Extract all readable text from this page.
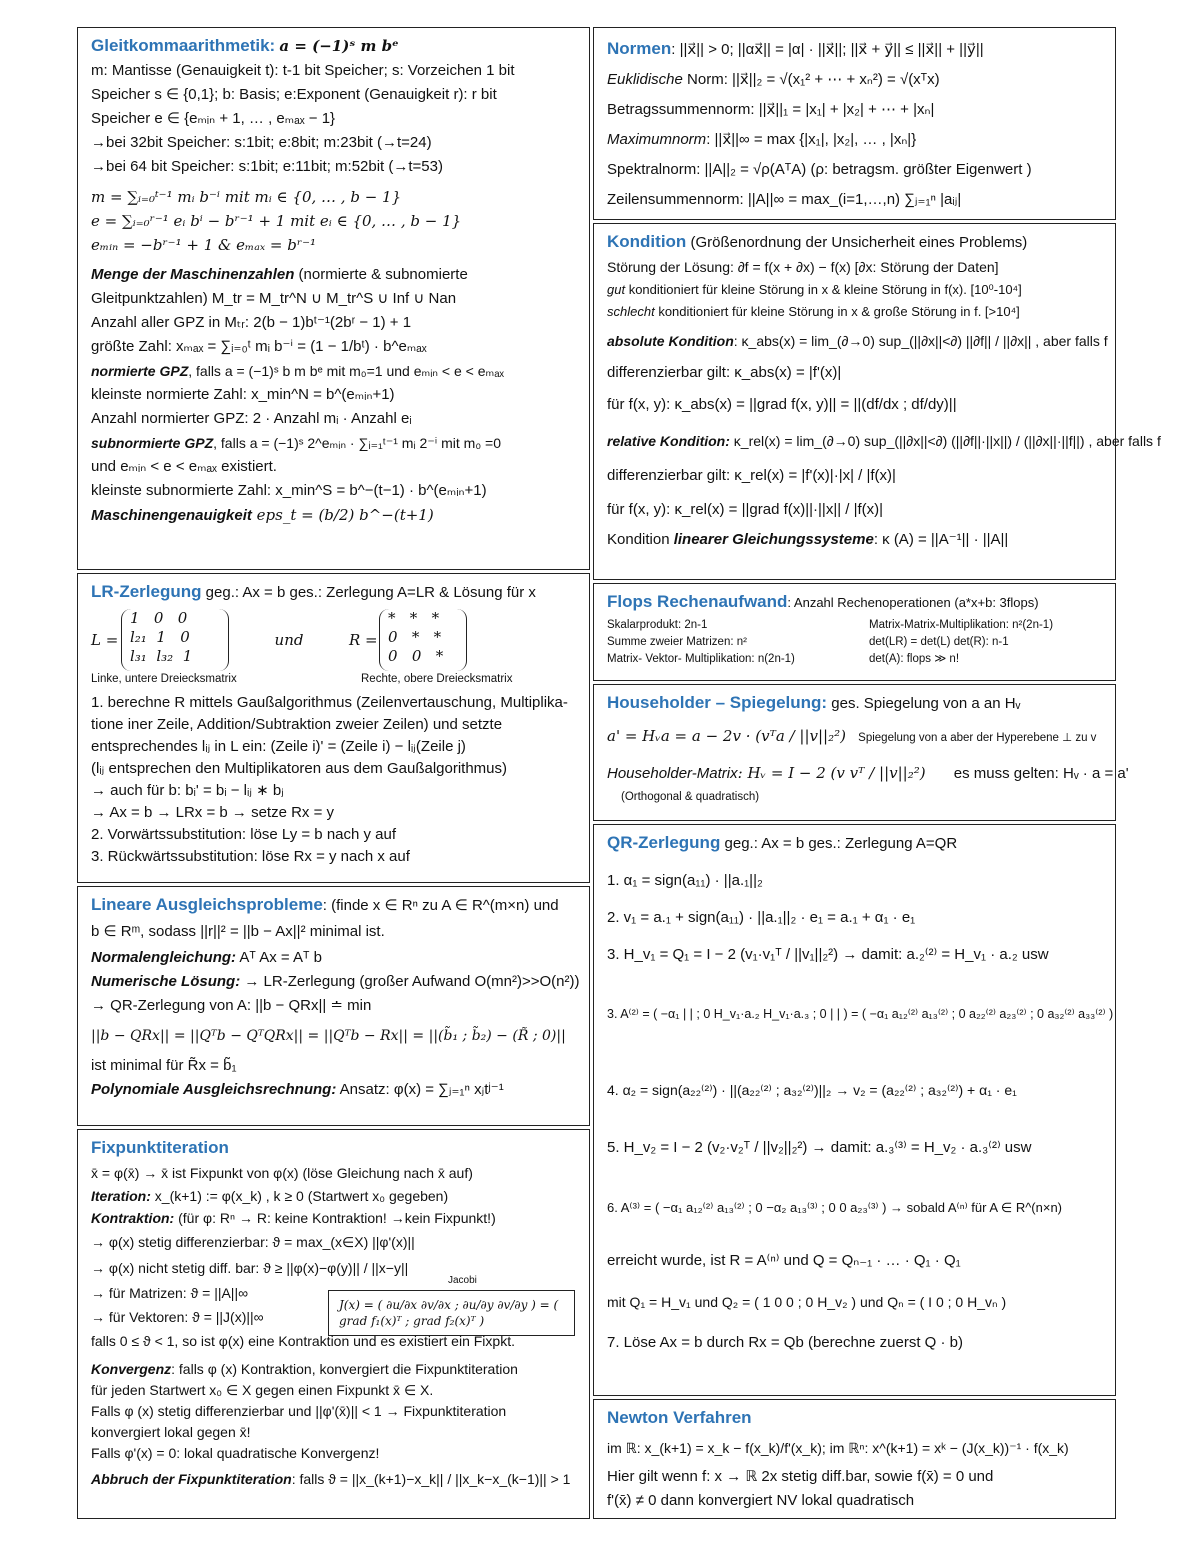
Gleitkommaarithmetik: a = (−1)ˢ m bᵉ
m: Mantisse (Genauigkeit t): t-1 bit Speicher; s: Vorzeichen 1 bit
Speicher s ∈ {0,1}; b: Basis; e:Exponent (Genauigkeit r): r bit
Speicher e ∈ {eₘᵢₙ + 1, … , eₘₐₓ − 1}
→bei 32bit Speicher: s:1bit; e:8bit; m:23bit (→t=24)
→bei 64 bit Speicher: s:1bit; e:11bit; m:52bit (→t=53)
m = ∑ᵢ₌₀ᵗ⁻¹ mᵢ b⁻ⁱ mit mᵢ ∈ {0, … , b − 1}
e = ∑ᵢ₌₀ʳ⁻¹ eᵢ bⁱ − bʳ⁻¹ + 1 mit eᵢ ∈ {0, … , b − 1}
eₘᵢₙ = −bʳ⁻¹ + 1 & eₘₐₓ = bʳ⁻¹
Menge der Maschinenzahlen (normierte & subnomierte
Gleitpunktzahlen) M_tr = M_tr^N ∪ M_tr^S ∪ Inf ∪ Nan
Anzahl aller GPZ in Mₜᵣ: 2(b − 1)bᵗ⁻¹(2bʳ − 1) + 1
größte Zahl: xₘₐₓ = ∑ᵢ₌₀ᵗ mᵢ b⁻ⁱ = (1 − 1/bᵗ) · b^eₘₐₓ
normierte GPZ, falls a = (−1)ˢ b m bᵉ mit m₀=1 und eₘᵢₙ < e < eₘₐₓ
kleinste normierte Zahl: x_min^N = b^(eₘᵢₙ+1)
Anzahl normierter GPZ: 2 · Anzahl mᵢ · Anzahl eᵢ
subnormierte GPZ, falls a = (−1)ˢ 2^eₘᵢₙ · ∑ᵢ₌₁ᵗ⁻¹ mᵢ 2⁻ⁱ mit m₀ =0
und eₘᵢₙ < e < eₘₐₓ existiert.
kleinste subnormierte Zahl: x_min^S = b^−(t−1) · b^(eₘᵢₙ+1)
Maschinengenauigkeit eps_t = (b/2) b^−(t+1)
LR-Zerlegung geg.: Ax = b ges.: Zerlegung A=LR & Lösung für x
L =
1   0   0
l₂₁  1   0
l₃₁  l₃₂  1
und	R =
*   *   *
0   *   *
0   0   *
Linke, untere Dreiecksmatrix	Rechte, obere Dreiecksmatrix
1. berechne R mittels Gaußalgorithmus (Zeilenvertauschung, Multiplika-
tione iner Zeile, Addition/Subtraktion zweier Zeilen) und setzte
entsprechendes lᵢⱼ in L ein: (Zeile i)' = (Zeile i) − lᵢⱼ(Zeile j)
(lᵢⱼ entsprechen den Multiplikatoren aus dem Gaußalgorithmus)
→ auch für b: bᵢ' = bᵢ − lᵢⱼ ∗ bⱼ
→ Ax = b → LRx = b → setze Rx = y
2. Vorwärtssubstitution: löse Ly = b nach y auf
3. Rückwärtssubstitution: löse Rx = y nach x auf
Lineare Ausgleichsprobleme: (finde x ∈ Rⁿ zu A ∈ R^(m×n) und
b ∈ Rᵐ, sodass ||r||² = ||b − Ax||² minimal ist.
Normalengleichung: Aᵀ Ax = Aᵀ b
Numerische Lösung: → LR-Zerlegung (großer Aufwand O(mn²)>>O(n²))
→ QR-Zerlegung von A: ||b − QRx|| ≐ min
||b − QRx|| = ||Qᵀb − QᵀQRx|| = ||Qᵀb − Rx|| = ||(b̃₁ ; b̃₂) − (R̃ ; 0)||
ist minimal für R̃x = b̃₁
Polynomiale Ausgleichsrechnung: Ansatz: φ(x) = ∑ⱼ₌₁ⁿ xⱼtʲ⁻¹
Fixpunktiteration
x̄ = φ(x̄) → x̄ ist Fixpunkt von φ(x) (löse Gleichung nach x̄ auf)
Iteration: x_(k+1) := φ(x_k) , k ≥ 0 (Startwert x₀ gegeben)
Kontraktion: (für φ: Rⁿ → R: keine Kontraktion! →kein Fixpunkt!)
→ φ(x) stetig differenzierbar: ϑ = max_(x∈X) ||φ'(x)||
→ φ(x) nicht stetig diff. bar: ϑ ≥ ||φ(x)−φ(y)|| / ||x−y||
→ für Matrizen: ϑ = ||A||∞
→ für Vektoren: ϑ = ||J(x)||∞
falls 0 ≤ ϑ < 1, so ist φ(x) eine Kontraktion und es existiert ein Fixpkt.
Konvergenz: falls φ (x) Kontraktion, konvergiert die Fixpunktiteration
für jeden Startwert x₀ ∈ X gegen einen Fixpunkt x̄ ∈ X.
Falls φ (x) stetig differenzierbar und ||φ'(x̄)|| < 1 → Fixpunktiteration
konvergiert lokal gegen x̄!
Falls φ'(x) = 0: lokal quadratische Konvergenz!
Abbruch der Fixpunktiteration: falls ϑ = ||x_(k+1)−x_k|| / ||x_k−x_(k−1)|| > 1
Jacobi
J(x) = ( ∂u/∂x ∂v/∂x ; ∂u/∂y ∂v/∂y ) = ( grad f₁(x)ᵀ ; grad f₂(x)ᵀ )
Normen: ||x⃗|| > 0; ||αx⃗|| = |α| · ||x⃗||; ||x⃗ + y⃗|| ≤ ||x⃗|| + ||y⃗||
Euklidische Norm: ||x⃗||₂ = √(x₁² + ⋯ + xₙ²) = √(xᵀx)
Betragssummennorm: ||x⃗||₁ = |x₁| + |x₂| + ⋯ + |xₙ|
Maximumnorm: ||x⃗||∞ = max {|x₁|, |x₂|, … , |xₙ|}
Spektralnorm: ||A||₂ = √ρ(AᵀA) (ρ: betragsm. größter Eigenwert )
Zeilensummennorm: ||A||∞ = max_(i=1,…,n) ∑ⱼ₌₁ⁿ |aᵢⱼ|
Kondition (Größenordnung der Unsicherheit eines Problems)
Störung der Lösung: ∂f = f(x + ∂x) − f(x) [∂x: Störung der Daten]
gut konditioniert für kleine Störung in x & kleine Störung in f(x). [10⁰-10⁴]
schlecht konditioniert für kleine Störung in x & große Störung in f. [>10⁴]
absolute Kondition: κ_abs(x) = lim_(∂→0) sup_(||∂x||<∂) ||∂f|| / ||∂x|| , aber falls f
differenzierbar gilt: κ_abs(x) = |f'(x)|
für f(x, y): κ_abs(x) = ||grad f(x, y)|| = ||(df/dx ; df/dy)||
relative Kondition: κ_rel(x) = lim_(∂→0) sup_(||∂x||<∂) (||∂f||·||x||) / (||∂x||·||f||) , aber falls f
differenzierbar gilt: κ_rel(x) = |f'(x)|·|x| / |f(x)|
für f(x, y): κ_rel(x) = ||grad f(x)||·||x|| / |f(x)|
Kondition linearer Gleichungssysteme: κ (A) = ||A⁻¹|| · ||A||
Flops Rechenaufwand: Anzahl Rechenoperationen (a*x+b: 3flops)
Skalarprodukt: 2n-1	Matrix-Matrix-Multiplikation: n²(2n-1)
Summe zweier Matrizen: n²	det(LR) = det(L) det(R): n-1
Matrix- Vektor- Multiplikation: n(2n-1)	det(A): flops ≫ n!
Householder – Spiegelung: ges. Spiegelung von a an Hᵥ
a' = Hᵥa = a − 2v · (vᵀa / ||v||₂²) Spiegelung von a aber der Hyperebene ⊥ zu v
Householder-Matrix: Hᵥ = I − 2 (v vᵀ / ||v||₂²) es muss gelten: Hᵥ · a = a'
(Orthogonal & quadratisch)
QR-Zerlegung geg.: Ax = b ges.: Zerlegung A=QR
1. α₁ = sign(a₁₁) · ||a.₁||₂
2. v₁ = a.₁ + sign(a₁₁) · ||a.₁||₂ · e₁ = a.₁ + α₁ · e₁
3. H_v₁ = Q₁ = I − 2 (v₁·v₁ᵀ / ||v₁||₂²) → damit: a.₂⁽²⁾ = H_v₁ · a.₂ usw
3. A⁽²⁾ = ( −α₁ | | ; 0 H_v₁·a.₂ H_v₁·a.₃ ; 0 | | ) = ( −α₁ a₁₂⁽²⁾ a₁₃⁽²⁾ ; 0 a₂₂⁽²⁾ a₂₃⁽²⁾ ; 0 a₃₂⁽²⁾ a₃₃⁽²⁾ )
4. α₂ = sign(a₂₂⁽²⁾) · ||(a₂₂⁽²⁾ ; a₃₂⁽²⁾)||₂ → v₂ = (a₂₂⁽²⁾ ; a₃₂⁽²⁾) + α₁ · e₁
5. H_v₂ = I − 2 (v₂·v₂ᵀ / ||v₂||₂²) → damit: a.₃⁽³⁾ = H_v₂ · a.₃⁽²⁾ usw
6. A⁽³⁾ = ( −α₁ a₁₂⁽²⁾ a₁₃⁽²⁾ ; 0 −α₂ a₁₃⁽³⁾ ; 0 0 a₂₃⁽³⁾ ) → sobald A⁽ⁿ⁾ für A ∈ R^(n×n)
erreicht wurde, ist R = A⁽ⁿ⁾ und Q = Qₙ₋₁ · … · Q₁ · Q₁
mit Q₁ = H_v₁ und Q₂ = ( 1 0 0 ; 0 H_v₂ ) und Qₙ = ( I 0 ; 0 H_vₙ )
7. Löse Ax = b durch Rx = Qb (berechne zuerst Q · b)
Newton Verfahren
im ℝ: x_(k+1) = x_k − f(x_k)/f'(x_k); im ℝⁿ: x^(k+1) = xᵏ − (J(x_k))⁻¹ · f(x_k)
Hier gilt wenn f: x → ℝ 2x stetig diff.bar, sowie f(x̄) = 0 und
f'(x̄) ≠ 0 dann konvergiert NV lokal quadratisch
